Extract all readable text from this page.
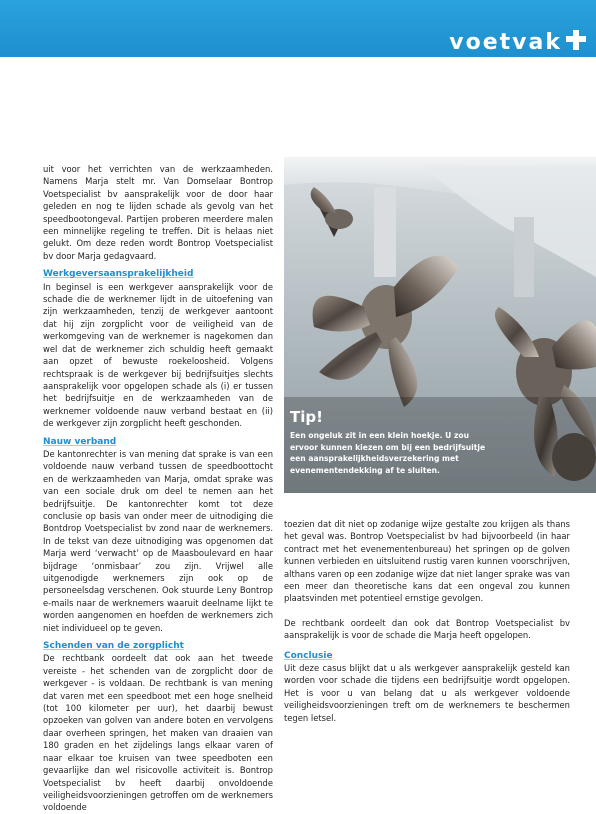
voetvak

uit voor het verrichten van de werkzaamheden. Namens Marja stelt mr. Van Domselaar Bontrop Voetspecialist bv aansprakelijk voor de door haar geleden en nog te lijden schade als gevolg van het speedbootongeval. Partijen proberen meerdere malen een minnelijke regeling te treffen. Dit is helaas niet gelukt. Om deze reden wordt Bontrop Voetspecialist bv door Marja gedagvaard.

Werkgeversaansprakelijkheid

In beginsel is een werkgever aansprakelijk voor de schade die de werknemer lijdt in de uitoefening van zijn werkzaamheden, tenzij de werkgever aantoont dat hij zijn zorgplicht voor de veiligheid van de werkomgeving van de werknemer is nagekomen dan wel dat de werknemer zich schuldig heeft gemaakt aan opzet of bewuste roekeloosheid. Volgens rechtspraak is de werkgever bij bedrijfsuitjes slechts aansprakelijk voor opgelopen schade als (i) er tussen het bedrijfsuitje en de werkzaamheden van de werknemer voldoende nauw verband bestaat en (ii) de werkgever zijn zorgplicht heeft geschonden.

Nauw verband

De kantonrechter is van mening dat sprake is van een voldoende nauw verband tussen de speedboottocht en de werkzaamheden van Marja, omdat sprake was van een sociale druk om deel te nemen aan het bedrijfsuitje. De kantonrechter komt tot deze conclusie op basis van onder meer de uitnodiging die Bontdrop Voetspecialist bv zond naar de werknemers. In de tekst van deze uitnodiging was opgenomen dat Marja werd ‘verwacht’ op de Maasboulevard en haar bijdrage ‘onmisbaar’ zou zijn. Vrijwel alle uitgenodigde werknemers zijn ook op de personeelsdag verschenen. Ook stuurde Leny Bontrop e-mails naar de werknemers waaruit deelname lijkt te worden aangenomen en hoefden de werknemers zich niet individueel op te geven.

Schenden van de zorgplicht

De rechtbank oordeelt dat ook aan het tweede vereiste - het schenden van de zorgplicht door de werkgever - is voldaan. De rechtbank is van mening dat varen met een speedboot met een hoge snelheid (tot 100 kilometer per uur), het daarbij bewust opzoeken van golven van andere boten en vervolgens daar overheen springen, het maken van draaien van 180 graden en het zijdelings langs elkaar varen of naar elkaar toe kruisen van twee speedboten een gevaarlijke dan wel risicovolle activiteit is. Bontrop Voetspecialist bv heeft daarbij onvoldoende veiligheidsvoorzieningen getroffen om de werknemers voldoende

Tip!
Een ongeluk zit in een klein hoekje. U zou ervoor kunnen kiezen om bij een bedrijfsuitje een aansprakelijkheidsverzekering met evenementendekking af te sluiten.

toezien dat dit niet op zodanige wijze gestalte zou krijgen als thans het geval was. Bontrop Voetspecialist bv had bijvoorbeeld (in haar contract met het evenementenbureau) het springen op de golven kunnen verbieden en uitsluitend rustig varen kunnen voorschrijven, althans varen op een zodanige wijze dat niet langer sprake was van een meer dan theoretische kans dat een ongeval zou kunnen plaatsvinden met potentieel ernstige gevolgen.

De rechtbank oordeelt dan ook dat Bontrop Voetspecialist bv aansprakelijk is voor de schade die Marja heeft opgelopen.

Conclusie

Uit deze casus blijkt dat u als werkgever aansprakelijk gesteld kan worden voor schade die tijdens een bedrijfsuitje wordt opgelopen. Het is voor u van belang dat u als werkgever voldoende veiligheidsvoorzieningen treft om de werknemers te beschermen tegen letsel.
